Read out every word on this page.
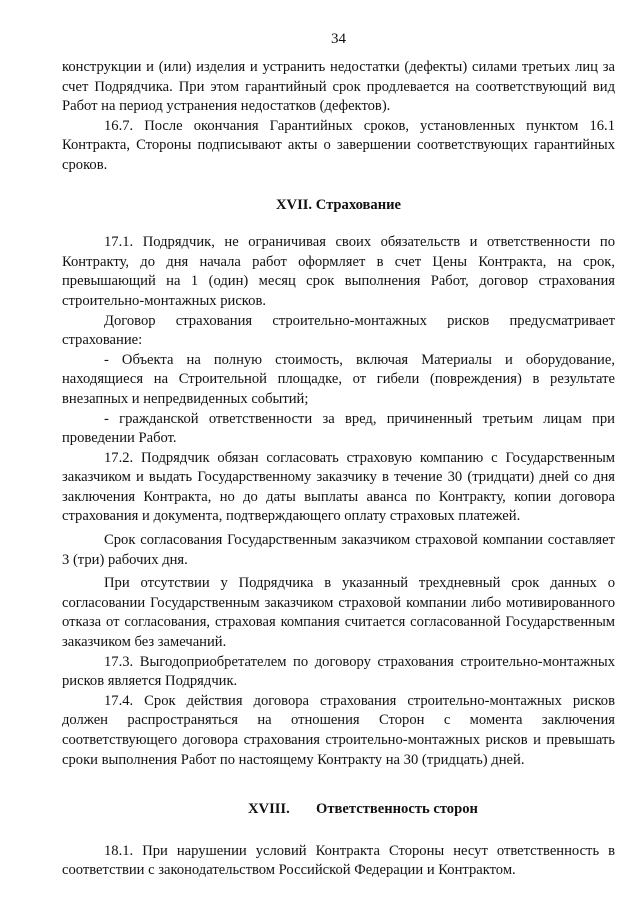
34

конструкции и (или) изделия и устранить недостатки (дефекты) силами третьих лиц за счет Подрядчика. При этом гарантийный срок продлевается на соответствующий вид Работ на период устранения недостатков (дефектов).

16.7. После окончания Гарантийных сроков, установленных пунктом 16.1 Контракта, Стороны подписывают акты о завершении соответствующих гарантийных сроков.

XVII. Страхование

17.1. Подрядчик, не ограничивая своих обязательств и ответственности по Контракту, до дня начала работ оформляет в счет Цены Контракта, на срок, превышающий на 1 (один) месяц срок выполнения Работ, договор страхования строительно-монтажных рисков.

Договор страхования строительно-монтажных рисков предусматривает страхование:

- Объекта на полную стоимость, включая Материалы и оборудование, находящиеся на Строительной площадке, от гибели (повреждения) в результате внезапных и непредвиденных событий;

- гражданской ответственности за вред, причиненный третьим лицам при проведении Работ.

17.2. Подрядчик обязан согласовать страховую компанию с Государственным заказчиком и выдать Государственному заказчику в течение 30 (тридцати) дней со дня заключения Контракта, но до даты выплаты аванса по Контракту, копии договора страхования и документа, подтверждающего оплату страховых платежей.

Срок согласования Государственным заказчиком страховой компании составляет 3 (три) рабочих дня.

При отсутствии у Подрядчика в указанный трехдневный срок данных о согласовании Государственным заказчиком страховой компании либо мотивированного отказа от согласования, страховая компания считается согласованной Государственным заказчиком без замечаний.

17.3. Выгодоприобретателем по договору страхования строительно-монтажных рисков является Подрядчик.

17.4. Срок действия договора страхования строительно-монтажных рисков должен распространяться на отношения Сторон с момента заключения соответствующего договора страхования строительно-монтажных рисков и превышать сроки выполнения Работ по настоящему Контракту на 30 (тридцать) дней.

XVIII. Ответственность сторон

18.1. При нарушении условий Контракта Стороны несут ответственность в соответствии с законодательством Российской Федерации и Контрактом.
